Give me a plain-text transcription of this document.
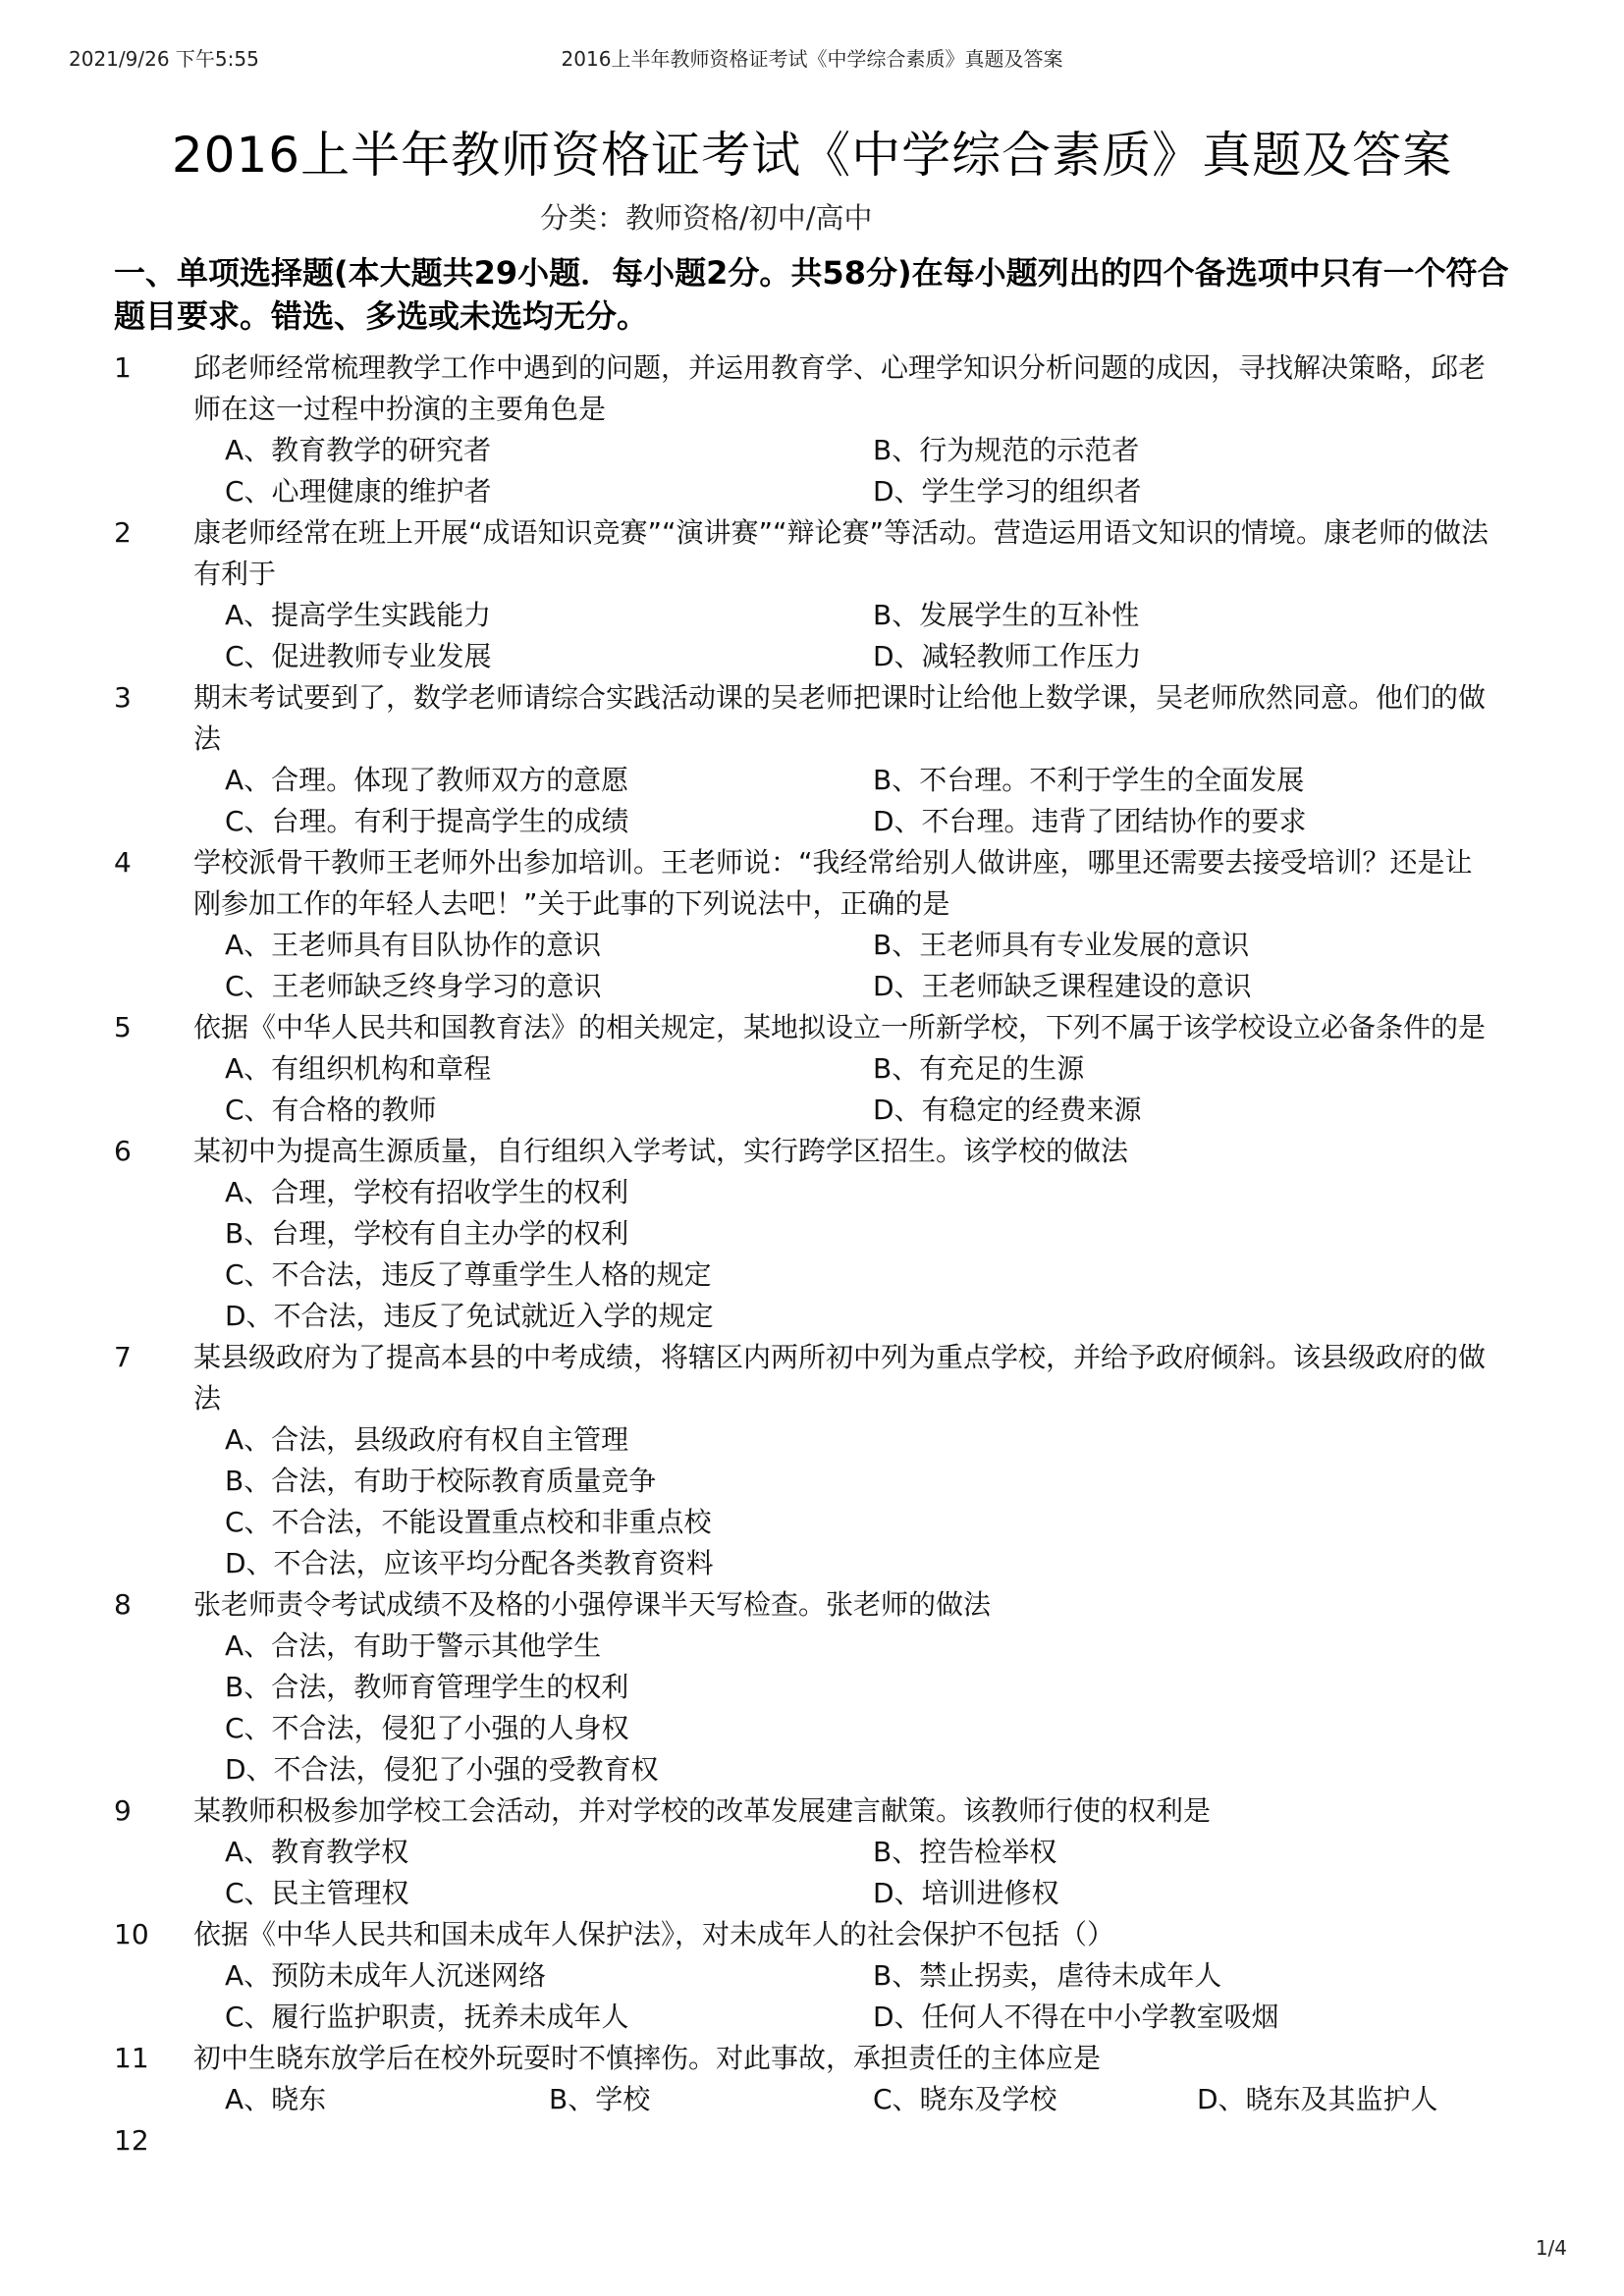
2021/9/26 下午5:55	2016上半年教师资格证考试《中学综合素质》真题及答案
2016上半年教师资格证考试《中学综合素质》真题及答案
分类：教师资格/初中/高中
一、单项选择题(本大题共29小题．每小题2分。共58分)在每小题列出的四个备选项中只有一个符合题目要求。错选、多选或未选均无分。
1	邱老师经常梳理教学工作中遇到的问题，并运用教育学、心理学知识分析问题的成因，寻找解决策略，邱老师在这一过程中扮演的主要角色是
A、教育教学的研究者	B、行为规范的示范者
C、心理健康的维护者	D、学生学习的组织者
2	康老师经常在班上开展“成语知识竞赛”“演讲赛”“辩论赛”等活动。营造运用语文知识的情境。康老师的做法有利于
A、提高学生实践能力	B、发展学生的互补性
C、促进教师专业发展	D、减轻教师工作压力
3	期末考试要到了，数学老师请综合实践活动课的吴老师把课时让给他上数学课，吴老师欣然同意。他们的做法
A、合理。体现了教师双方的意愿	B、不台理。不利于学生的全面发展
C、台理。有利于提高学生的成绩	D、不台理。违背了团结协作的要求
4	学校派骨干教师王老师外出参加培训。王老师说：“我经常给别人做讲座，哪里还需要去接受培训？还是让刚参加工作的年轻人去吧！”关于此事的下列说法中，正确的是
A、王老师具有目队协作的意识	B、王老师具有专业发展的意识
C、王老师缺乏终身学习的意识	D、王老师缺乏课程建设的意识
5	依据《中华人民共和国教育法》的相关规定，某地拟设立一所新学校，下列不属于该学校设立必备条件的是
A、有组织机构和章程	B、有充足的生源
C、有合格的教师	D、有稳定的经费来源
6	某初中为提高生源质量，自行组织入学考试，实行跨学区招生。该学校的做法
A、合理，学校有招收学生的权利
B、台理，学校有自主办学的权利
C、不合法，违反了尊重学生人格的规定
D、不合法，违反了免试就近入学的规定
7	某县级政府为了提高本县的中考成绩，将辖区内两所初中列为重点学校，并给予政府倾斜。该县级政府的做法
A、合法，县级政府有权自主管理
B、合法，有助于校际教育质量竞争
C、不合法，不能设置重点校和非重点校
D、不合法，应该平均分配各类教育资料
8	张老师责令考试成绩不及格的小强停课半天写检查。张老师的做法
A、合法，有助于警示其他学生
B、合法，教师育管理学生的权利
C、不合法，侵犯了小强的人身权
D、不合法，侵犯了小强的受教育权
9	某教师积极参加学校工会活动，并对学校的改革发展建言献策。该教师行使的权利是
A、教育教学权	B、控告检举权
C、民主管理权	D、培训进修权
10	依据《中华人民共和国未成年人保护法》，对未成年人的社会保护不包括（）
A、预防未成年人沉迷网络	B、禁止拐卖，虐待未成年人
C、履行监护职责，抚养未成年人	D、任何人不得在中小学教室吸烟
11	初中生晓东放学后在校外玩耍时不慎摔伤。对此事故，承担责任的主体应是
A、晓东	B、学校	C、晓东及学校	D、晓东及其监护人
12

1/4
